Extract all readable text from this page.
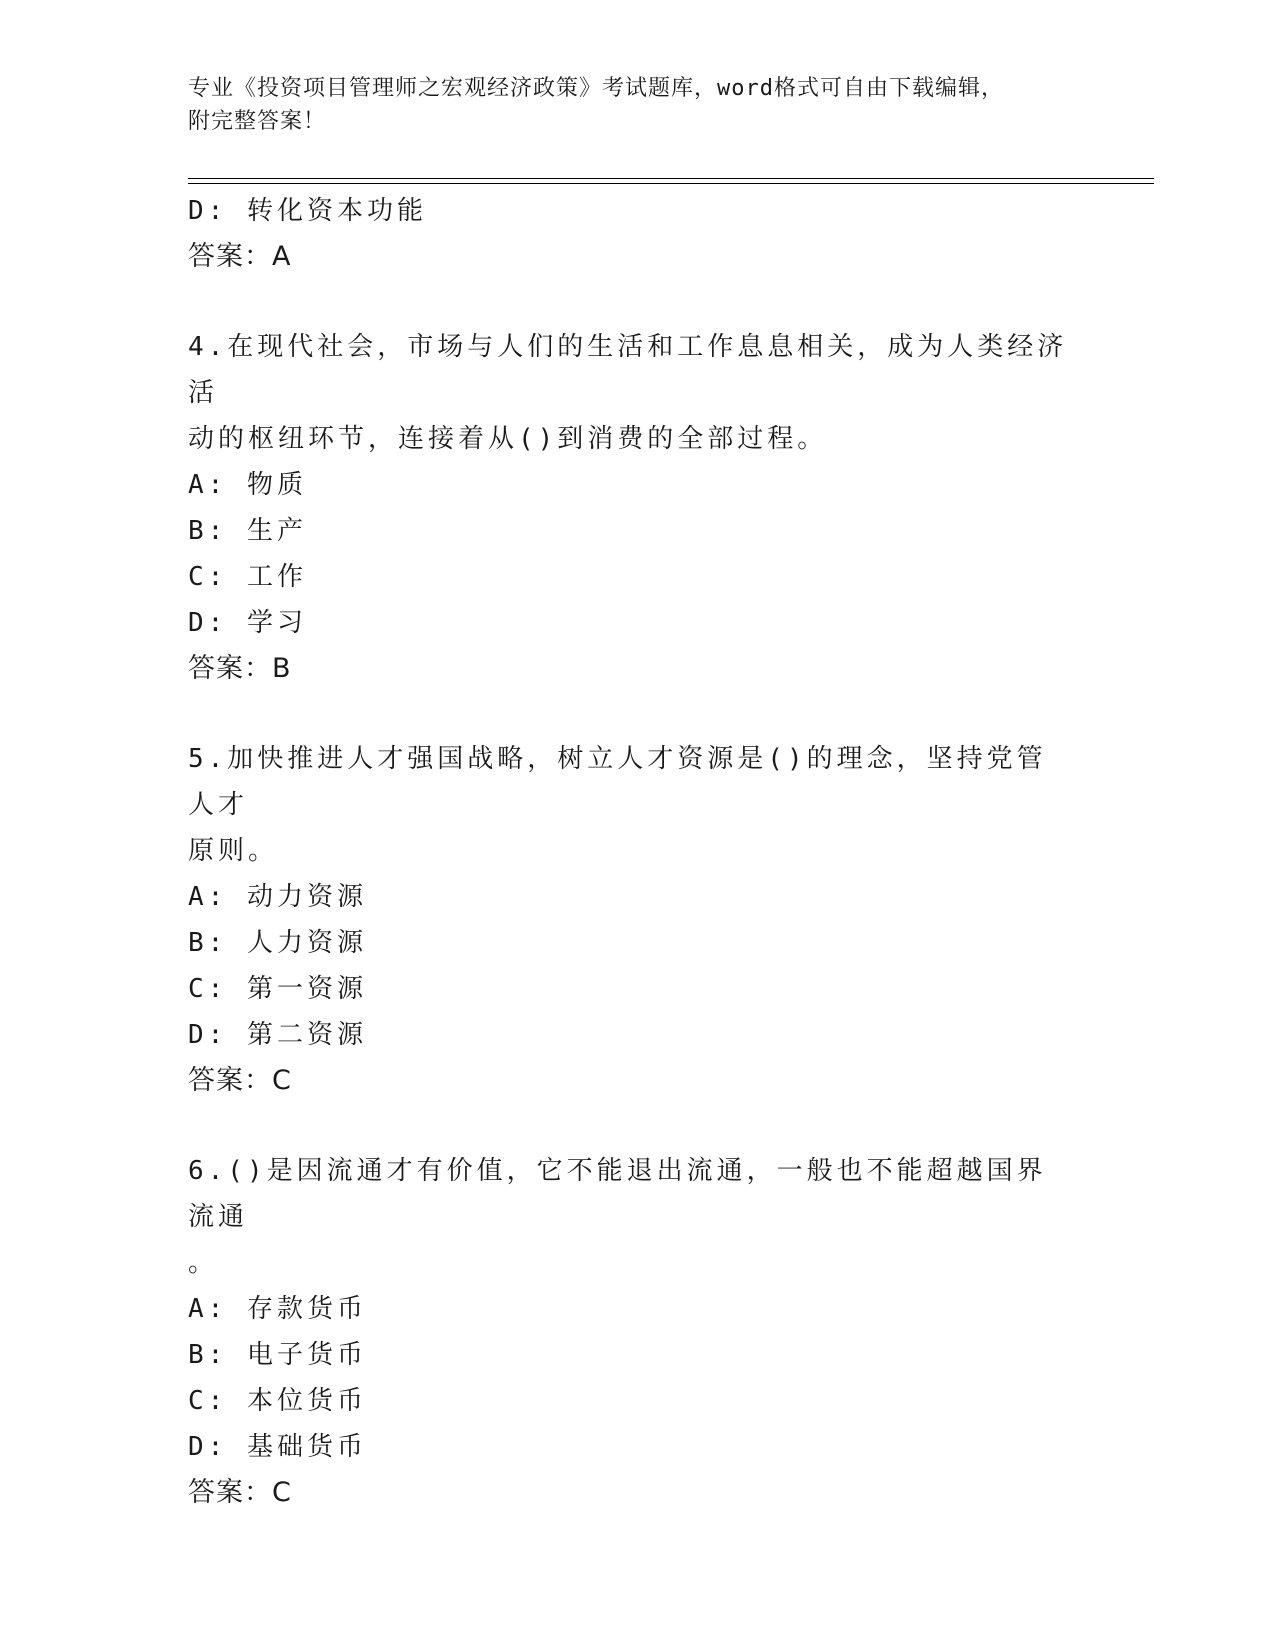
专业《投资项目管理师之宏观经济政策》考试题库，word格式可自由下载编辑，
附完整答案！
D: 转化资本功能
答案：A
4.在现代社会，市场与人们的生活和工作息息相关，成为人类经济活
动的枢纽环节，连接着从()到消费的全部过程。
A: 物质
B: 生产
C: 工作
D: 学习
答案：B
5.加快推进人才强国战略，树立人才资源是()的理念，坚持党管人才
原则。
A: 动力资源
B: 人力资源
C: 第一资源
D: 第二资源
答案：C
6.()是因流通才有价值，它不能退出流通，一般也不能超越国界流通
。
A: 存款货币
B: 电子货币
C: 本位货币
D: 基础货币
答案：C
